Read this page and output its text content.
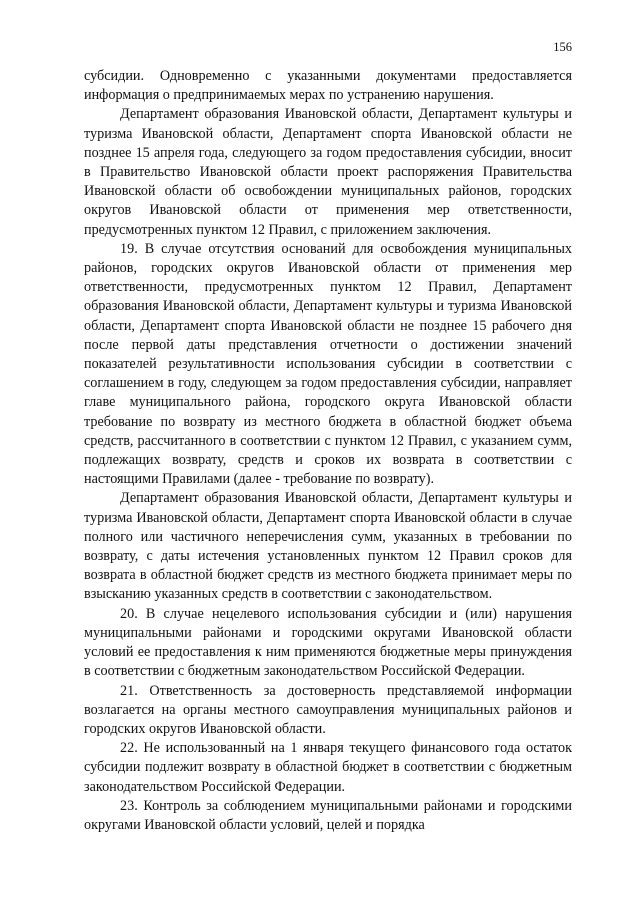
156

субсидии. Одновременно с указанными документами предоставляется информация о предпринимаемых мерах по устранению нарушения.

Департамент образования Ивановской области, Департамент культуры и туризма Ивановской области, Департамент спорта Ивановской области не позднее 15 апреля года, следующего за годом предоставления субсидии, вносит в Правительство Ивановской области проект распоряжения Правительства Ивановской области об освобождении муниципальных районов, городских округов Ивановской области от применения мер ответственности, предусмотренных пунктом 12 Правил, с приложением заключения.

19. В случае отсутствия оснований для освобождения муниципальных районов, городских округов Ивановской области от применения мер ответственности, предусмотренных пунктом 12 Правил, Департамент образования Ивановской области, Департамент культуры и туризма Ивановской области, Департамент спорта Ивановской области не позднее 15 рабочего дня после первой даты представления отчетности о достижении значений показателей результативности использования субсидии в соответствии с соглашением в году, следующем за годом предоставления субсидии, направляет главе муниципального района, городского округа Ивановской области требование по возврату из местного бюджета в областной бюджет объема средств, рассчитанного в соответствии с пунктом 12 Правил, с указанием сумм, подлежащих возврату, средств и сроков их возврата в соответствии с настоящими Правилами (далее - требование по возврату).

Департамент образования Ивановской области, Департамент культуры и туризма Ивановской области, Департамент спорта Ивановской области в случае полного или частичного неперечисления сумм, указанных в требовании по возврату, с даты истечения установленных пунктом 12 Правил сроков для возврата в областной бюджет средств из местного бюджета принимает меры по взысканию указанных средств в соответствии с законодательством.

20. В случае нецелевого использования субсидии и (или) нарушения муниципальными районами и городскими округами Ивановской области условий ее предоставления к ним применяются бюджетные меры принуждения в соответствии с бюджетным законодательством Российской Федерации.

21. Ответственность за достоверность представляемой информации возлагается на органы местного самоуправления муниципальных районов и городских округов Ивановской области.

22. Не использованный на 1 января текущего финансового года остаток субсидии подлежит возврату в областной бюджет в соответствии с бюджетным законодательством Российской Федерации.

23. Контроль за соблюдением муниципальными районами и городскими округами Ивановской области условий, целей и порядка
